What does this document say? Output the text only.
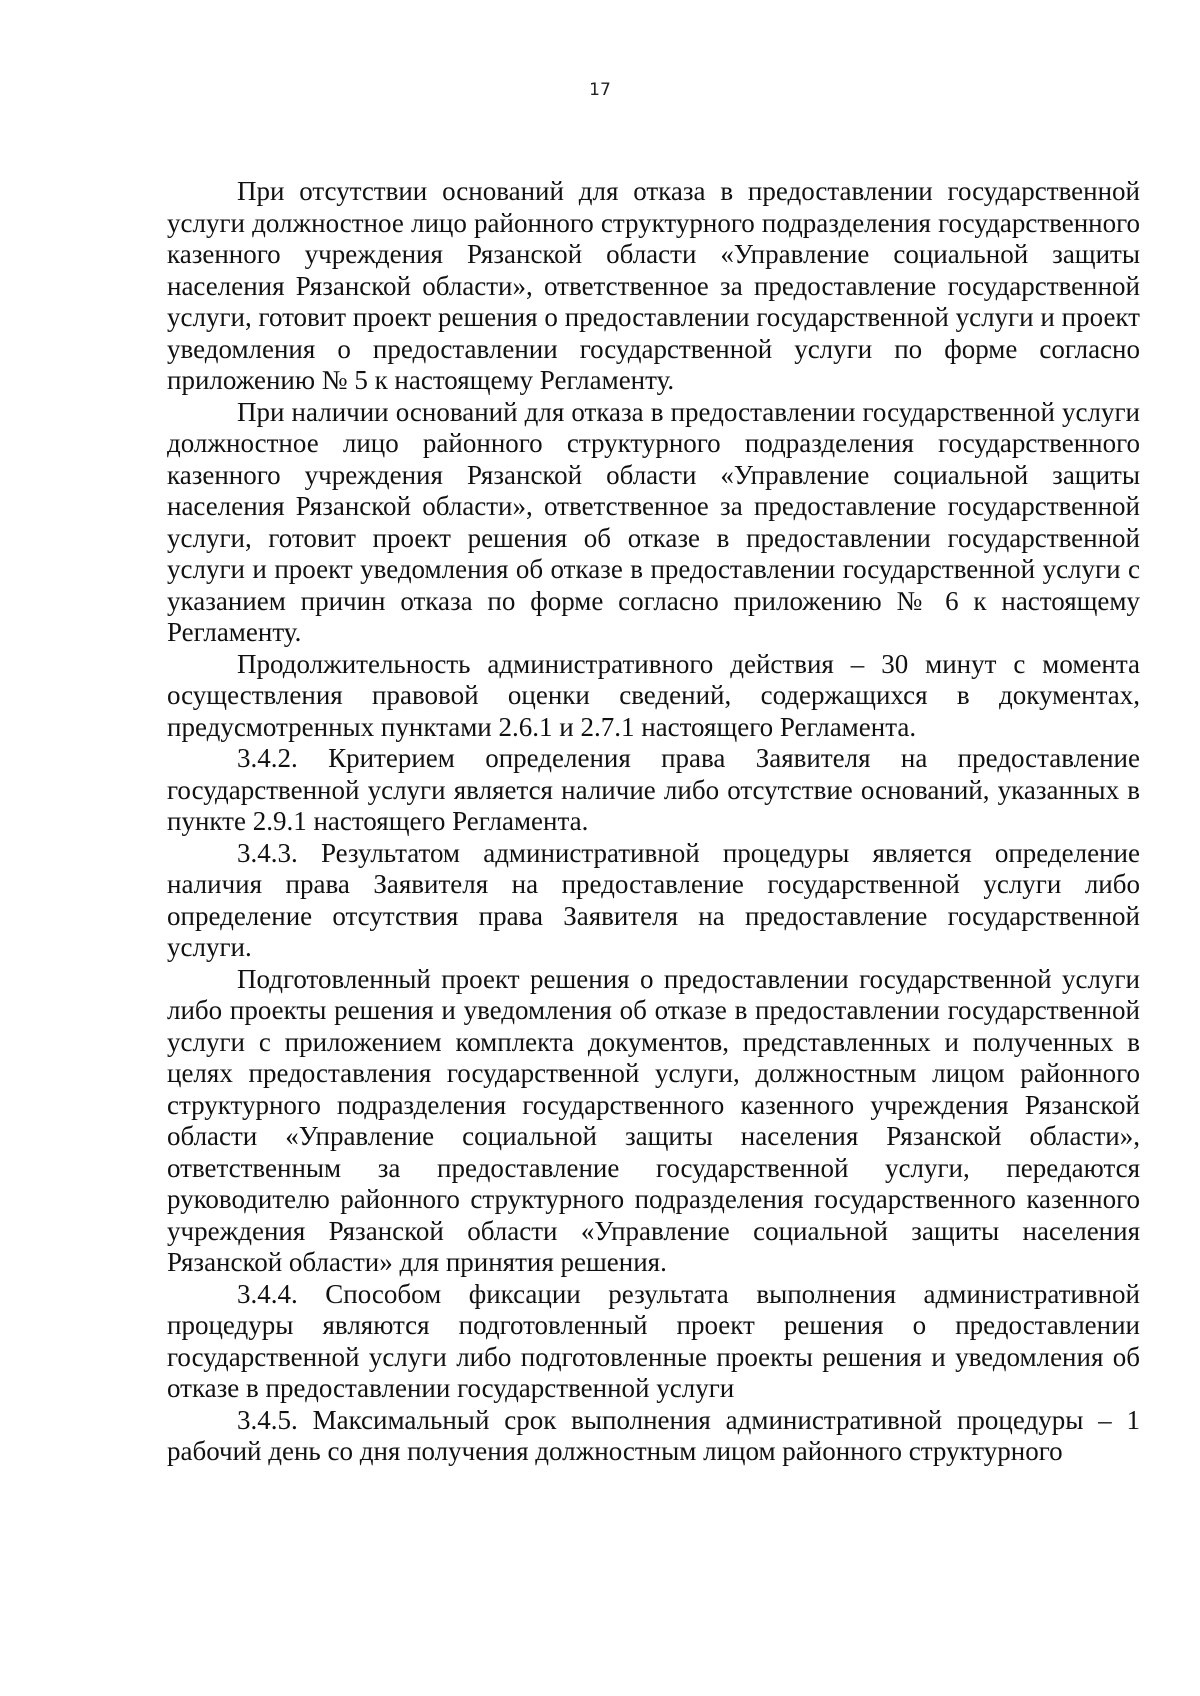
17

При отсутствии оснований для отказа в предоставлении государственной услуги должностное лицо районного структурного подразделения государственного казенного учреждения Рязанской области «Управление социальной защиты населения Рязанской области», ответственное за предоставление государственной услуги, готовит проект решения о предоставлении государственной услуги и проект уведомления о предоставлении государственной услуги по форме согласно приложению № 5 к настоящему Регламенту.

При наличии оснований для отказа в предоставлении государственной услуги должностное лицо районного структурного подразделения государственного казенного учреждения Рязанской области «Управление социальной защиты населения Рязанской области», ответственное за предоставление государственной услуги, готовит проект решения об отказе в предоставлении государственной услуги и проект уведомления об отказе в предоставлении государственной услуги с указанием причин отказа по форме согласно приложению № 6 к настоящему Регламенту.

Продолжительность административного действия – 30 минут с момента осуществления правовой оценки сведений, содержащихся в документах, предусмотренных пунктами 2.6.1 и 2.7.1 настоящего Регламента.

3.4.2. Критерием определения права Заявителя на предоставление государственной услуги является наличие либо отсутствие оснований, указанных в пункте 2.9.1 настоящего Регламента.

3.4.3. Результатом административной процедуры является определение наличия права Заявителя на предоставление государственной услуги либо определение отсутствия права Заявителя на предоставление государственной услуги.

Подготовленный проект решения о предоставлении государственной услуги либо проекты решения и уведомления об отказе в предоставлении государственной услуги с приложением комплекта документов, представленных и полученных в целях предоставления государственной услуги, должностным лицом районного структурного подразделения государственного казенного учреждения Рязанской области «Управление социальной защиты населения Рязанской области», ответственным за предоставление государственной услуги, передаются руководителю районного структурного подразделения государственного казенного учреждения Рязанской области «Управление социальной защиты населения Рязанской области» для принятия решения.

3.4.4. Способом фиксации результата выполнения административной процедуры являются подготовленный проект решения о предоставлении государственной услуги либо подготовленные проекты решения и уведомления об отказе в предоставлении государственной услуги

3.4.5. Максимальный срок выполнения административной процедуры – 1 рабочий день со дня получения должностным лицом районного структурного
